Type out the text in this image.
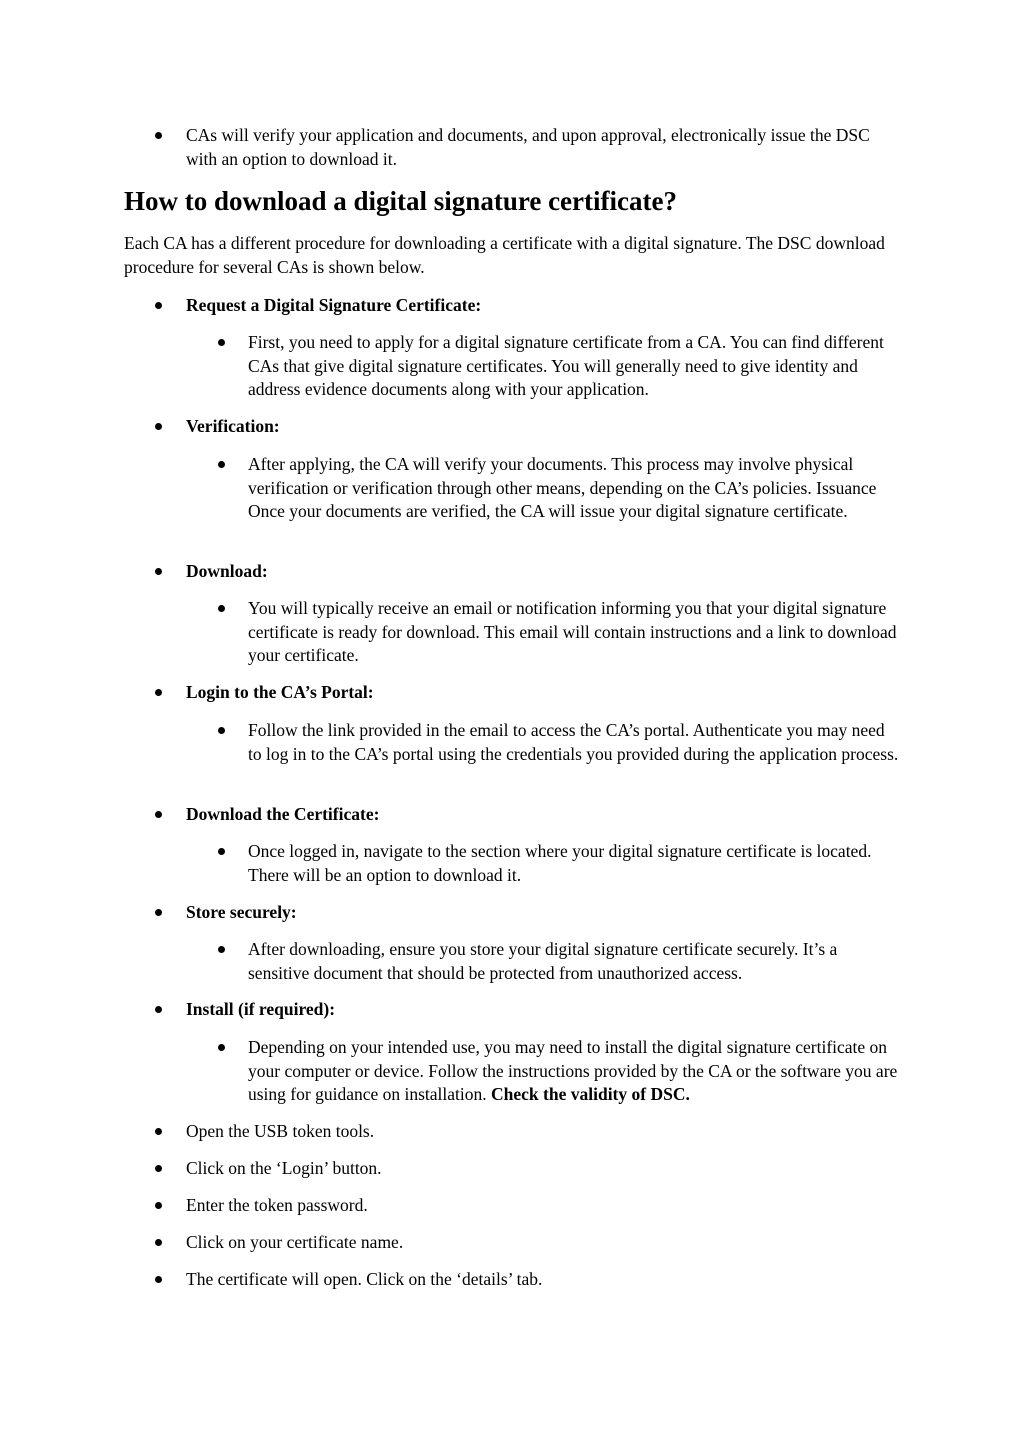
CAs will verify your application and documents, and upon approval, electronically issue the DSC with an option to download it.
How to download a digital signature certificate?
Each CA has a different procedure for downloading a certificate with a digital signature. The DSC download procedure for several CAs is shown below.
Request a Digital Signature Certificate:
First, you need to apply for a digital signature certificate from a CA. You can find different CAs that give digital signature certificates. You will generally need to give identity and address evidence documents along with your application.
Verification:
After applying, the CA will verify your documents. This process may involve physical verification or verification through other means, depending on the CA’s policies. Issuance Once your documents are verified, the CA will issue your digital signature certificate.
Download:
You will typically receive an email or notification informing you that your digital signature certificate is ready for download. This email will contain instructions and a link to download your certificate.
Login to the CA’s Portal:
Follow the link provided in the email to access the CA’s portal. Authenticate you may need to log in to the CA’s portal using the credentials you provided during the application process.
Download the Certificate:
Once logged in, navigate to the section where your digital signature certificate is located. There will be an option to download it.
Store securely:
After downloading, ensure you store your digital signature certificate securely. It’s a sensitive document that should be protected from unauthorized access.
Install (if required):
Depending on your intended use, you may need to install the digital signature certificate on your computer or device. Follow the instructions provided by the CA or the software you are using for guidance on installation. Check the validity of DSC.
Open the USB token tools.
Click on the ‘Login’ button.
Enter the token password.
Click on your certificate name.
The certificate will open. Click on the ‘details’ tab.
